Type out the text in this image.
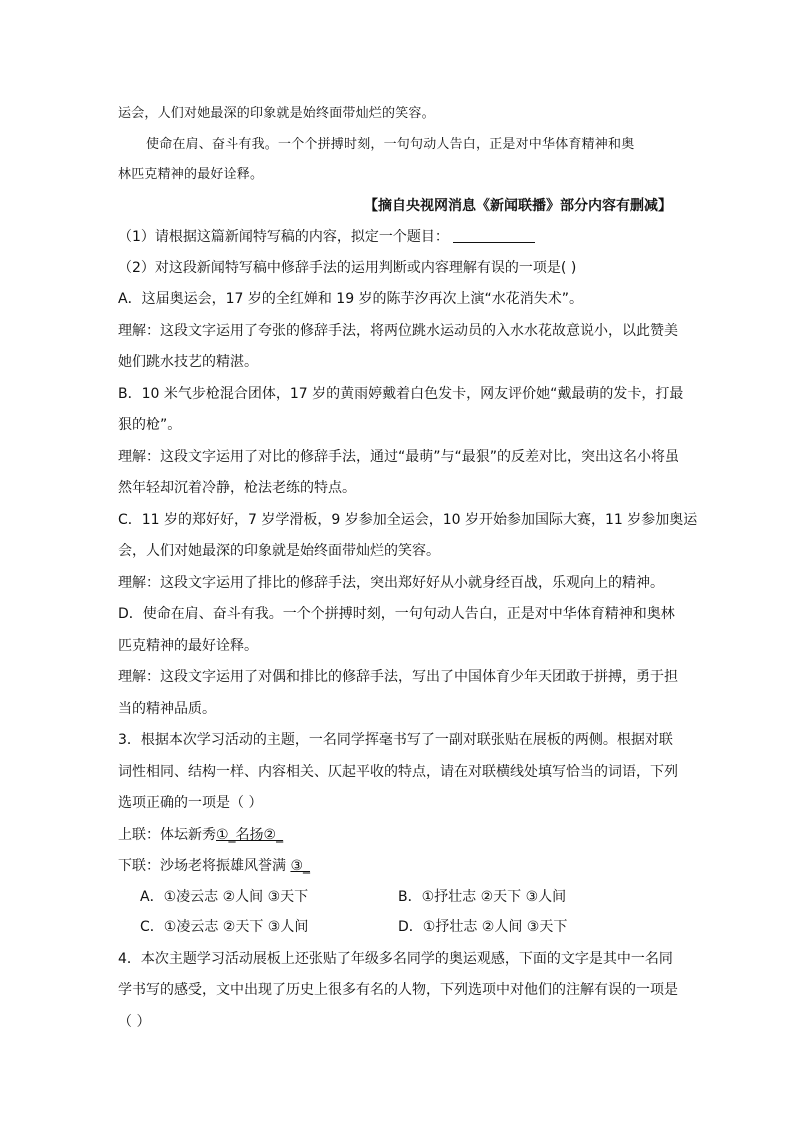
运会，人们对她最深的印象就是始终面带灿烂的笑容。
使命在肩、奋斗有我。一个个拼搏时刻，一句句动人告白，正是对中华体育精神和奥
林匹克精神的最好诠释。
【摘自央视网消息《新闻联播》部分内容有删减】
（1）请根据这篇新闻特写稿的内容，拟定一个题目：
（2）对这段新闻特写稿中修辞手法的运用判断或内容理解有误的一项是( )
A．这届奥运会，17 岁的全红婵和 19 岁的陈芋汐再次上演“水花消失术”。
理解：这段文字运用了夸张的修辞手法，将两位跳水运动员的入水水花故意说小，以此赞美
她们跳水技艺的精湛。
B．10 米气步枪混合团体，17 岁的黄雨婷戴着白色发卡，网友评价她“戴最萌的发卡，打最
狠的枪”。
理解：这段文字运用了对比的修辞手法，通过“最萌”与“最狠”的反差对比，突出这名小将虽
然年轻却沉着冷静，枪法老练的特点。
C．11 岁的郑好好，7 岁学滑板，9 岁参加全运会，10 岁开始参加国际大赛，11 岁参加奥运
会，人们对她最深的印象就是始终面带灿烂的笑容。
理解：这段文字运用了排比的修辞手法，突出郑好好从小就身经百战，乐观向上的精神。
D．使命在肩、奋斗有我。一个个拼搏时刻，一句句动人告白，正是对中华体育精神和奥林
匹克精神的最好诠释。
理解：这段文字运用了对偶和排比的修辞手法，写出了中国体育少年天团敢于拼搏，勇于担
当的精神品质。
3．根据本次学习活动的主题，一名同学挥毫书写了一副对联张贴在展板的两侧。根据对联
词性相同、结构一样、内容相关、仄起平收的特点，请在对联横线处填写恰当的词语，下列
选项正确的一项是（ ）
上联：体坛新秀①_名扬②_
下联：沙场老将振雄风誉满 ③_
A．①凌云志 ②人间 ③天下	B．①抒壮志 ②天下 ③人间
C．①凌云志 ②天下 ③人间	D．①抒壮志 ②人间 ③天下
4．本次主题学习活动展板上还张贴了年级多名同学的奥运观感，下面的文字是其中一名同
学书写的感受，文中出现了历史上很多有名的人物，下列选项中对他们的注解有误的一项是
（ ）
